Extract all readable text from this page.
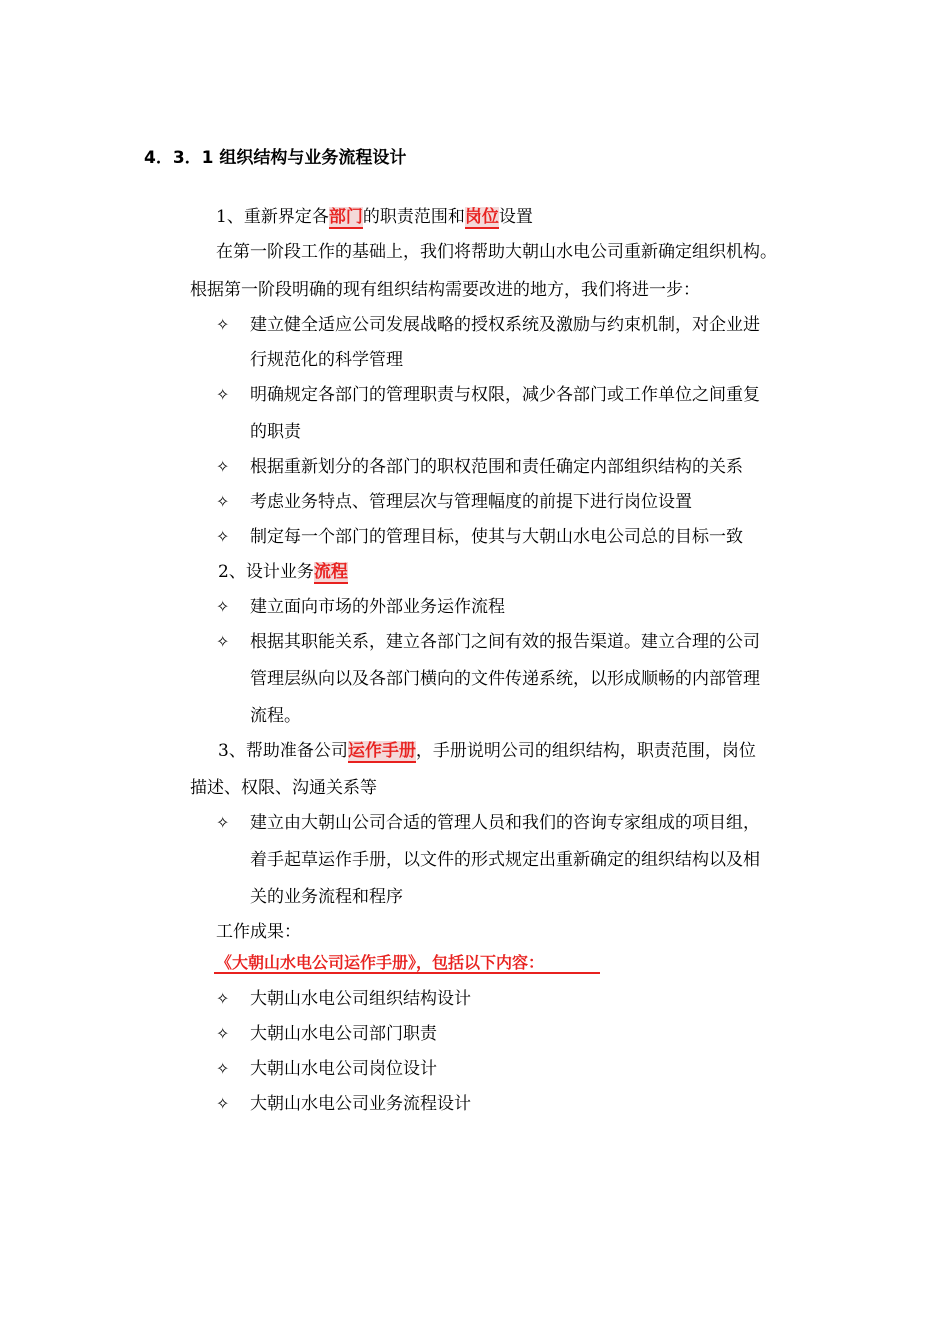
4．3．1 组织结构与业务流程设计
1、重新界定各部门的职责范围和岗位设置
在第一阶段工作的基础上，我们将帮助大朝山水电公司重新确定组织机构。
根据第一阶段明确的现有组织结构需要改进的地方，我们将进一步：
✧ 建立健全适应公司发展战略的授权系统及激励与约束机制，对企业进
行规范化的科学管理
✧ 明确规定各部门的管理职责与权限，减少各部门或工作单位之间重复
的职责
✧ 根据重新划分的各部门的职权范围和责任确定内部组织结构的关系
✧ 考虑业务特点、管理层次与管理幅度的前提下进行岗位设置
✧ 制定每一个部门的管理目标，使其与大朝山水电公司总的目标一致
2、设计业务流程
✧ 建立面向市场的外部业务运作流程
✧ 根据其职能关系，建立各部门之间有效的报告渠道。建立合理的公司
管理层纵向以及各部门横向的文件传递系统，以形成顺畅的内部管理
流程。
3、帮助准备公司运作手册，手册说明公司的组织结构，职责范围，岗位
描述、权限、沟通关系等
✧ 建立由大朝山公司合适的管理人员和我们的咨询专家组成的项目组，
着手起草运作手册，以文件的形式规定出重新确定的组织结构以及相
关的业务流程和程序
工作成果：
《大朝山水电公司运作手册》，包括以下内容：
✧ 大朝山水电公司组织结构设计
✧ 大朝山水电公司部门职责
✧ 大朝山水电公司岗位设计
✧ 大朝山水电公司业务流程设计
